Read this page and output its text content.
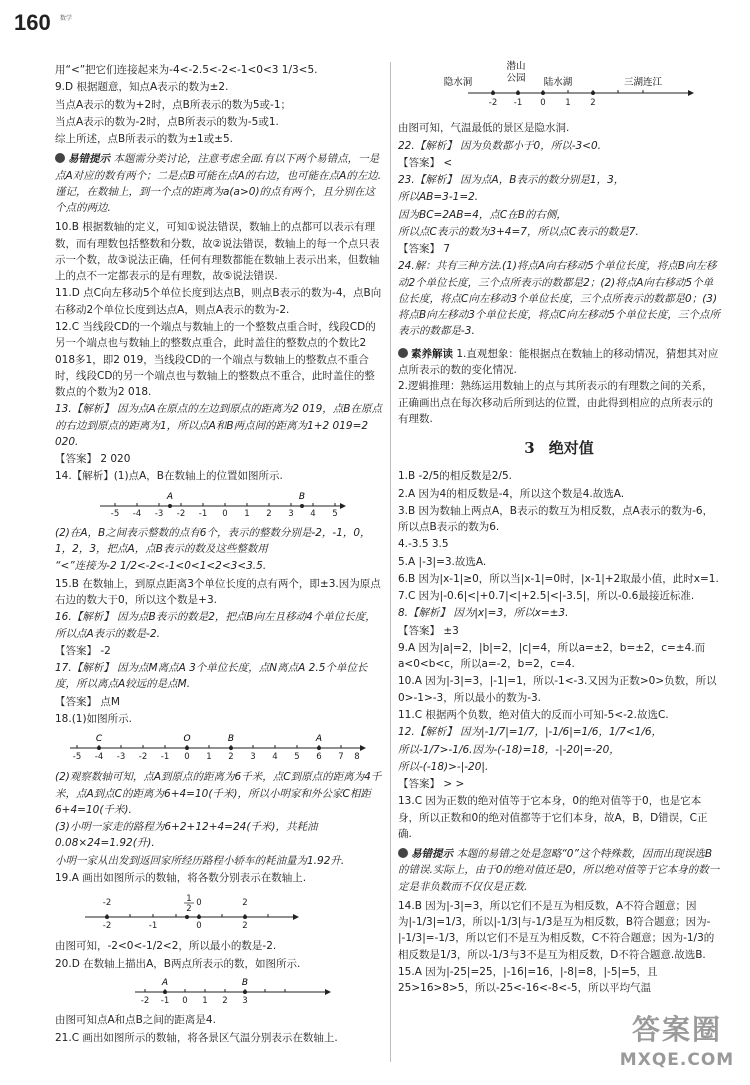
160 数学

用“<”把它们连接起来为-4<-2.5<-2<-1<0<3 1/3<5.

9.D 根据题意，知点A表示的数为±2.

当点A表示的数为+2时，点B所表示的数为5或-1；

当点A表示的数为-2时，点B所表示的数为-5或1.

综上所述，点B所表示的数为±1或±5.

易错提示 本题需分类讨论，注意考虑全面.有以下两个易错点，一是点A对应的数有两个；二是点B可能在点A的右边，也可能在点A的左边.谨记，在数轴上，到一个点的距离为a(a>0)的点有两个，且分别在这个点的两边.

10.B 根据数轴的定义，可知①说法错误，数轴上的点都可以表示有理数，而有理数包括整数和分数，故②说法错误，数轴上的每一个点只表示一个数，故③说法正确，任何有理数都能在数轴上表示出来，但数轴上的点不一定都表示的是有理数，故⑤说法错误.

11.D 点C向左移动5个单位长度到达点B，则点B表示的数为-4，点B向右移动2个单位长度到达点A，则点A表示的数为-2.

12.C 当线段CD的一个端点与数轴上的一个整数点重合时，线段CD的另一个端点也与数轴上的整数点重合，此时盖住的整数点的个数比2 018多1，即2 019，当线段CD的一个端点与数轴上的整数点不重合时，线段CD的另一个端点也与数轴上的整数点不重合，此时盖住的整数点的个数为2 018.

13.【解析】 因为点A在原点的左边到原点的距离为2 019，点B在原点的右边到原点的距离为1，所以点A和B两点间的距离为1+2 019=2 020.

【答案】 2 020

14.【解析】(1)点A，B在数轴上的位置如图所示.

-5 -4 -3 -2 -1 0 1 2 3 4 5
A	B

(2)在A，B之间表示整数的点有6个，表示的整数分别是-2，-1，0，1，2，3，把点A，点B表示的数及这些整数用

“<”连接为-2 1/2<-2<-1<0<1<2<3<3.5.

15.B 在数轴上，到原点距离3个单位长度的点有两个，即±3.因为原点右边的数大于0，所以这个数是+3.

16.【解析】 因为点B表示的数是2，把点B向左且移动4个单位长度，所以点A表示的数是-2.

【答案】 -2

17.【解析】 因为点M离点A 3个单位长度，点N离点A 2.5个单位长度，所以离点A较远的是点M.

【答案】 点M

18.(1)如图所示.

-5 -4 -3 -2 -1 0 1 2 3 4 5 6 7 8
C	O	B	A

(2)观察数轴可知，点A到原点的距离为6千米，点C到原点的距离为4千米，点A到点C的距离为6+4=10(千米)，所以小明家和外公家C相距6+4=10(千米).

(3)小明一家走的路程为6+2+12+4=24(千米)，共耗油0.08×24=1.92(升).

小明一家从出发到返回家所经历路程小轿车的耗油量为1.92升.

19.A 画出如图所示的数轴，将各数分别表示在数轴上.

-2	-1	0	2
-2	0	2
1
2

由图可知，-2<0<-1/2<2，所以最小的数是-2.

20.D 在数轴上描出A，B两点所表示的数，如图所示.

-2 -1 0 1 2 3
A	B

由图可知点A和点B之间的距离是4.

21.C 画出如图所示的数轴，将各景区气温分别表示在数轴上.

-2 -1 0 1 2
隐水洞
潜山
公园 陆水湖	三湖连江

由图可知，气温最低的景区是隐水洞.

22.【解析】 因为负数都小于0，所以-3<0.

【答案】 <

23.【解析】 因为点A，B表示的数分别是1，3，

所以AB=3-1=2.

因为BC=2AB=4，点C在B的右侧，

所以点C表示的数为3+4=7，所以点C表示的数是7.

【答案】 7

24.解：共有三种方法.(1)将点A向右移动5个单位长度，将点B向左移动2个单位长度，三个点所表示的数都是2；(2)将点A向右移动5个单位长度，将点C向左移动3个单位长度，三个点所表示的数都是0；(3)将点B向左移动3个单位长度，将点C向左移动5个单位长度，三个点所表示的数都是-3.

素养解读 1.直观想象：能根据点在数轴上的移动情况，猜想其对应点所表示的数的变化情况.

2.逻辑推理：熟练运用数轴上的点与其所表示的有理数之间的关系，正确画出点在每次移动后所到达的位置，由此得到相应的点所表示的有理数.

3 绝对值

1.B -2/5的相反数是2/5.

2.A 因为4的相反数是-4，所以这个数是4.故选A.

3.B 因为数轴上两点A，B表示的数互为相反数，点A表示的数为-6，所以点B表示的数为6.

4.-3.5 3.5

5.A |-3|=3.故选A.

6.B 因为|x-1|≥0，所以当|x-1|=0时，|x-1|+2取最小值，此时x=1.

7.C 因为|-0.6|<|+0.7|<|+2.5|<|-3.5|，所以-0.6最接近标准.

8.【解析】 因为|x|=3，所以x=±3.

【答案】 ±3

9.A 因为|a|=2，|b|=2，|c|=4，所以a=±2，b=±2，c=±4.而a<0<b<c，所以a=-2，b=2，c=4.

10.A 因为|-3|=3，|-1|=1，所以-1<-3.又因为正数>0>负数，所以0>-1>-3，所以最小的数为-3.

11.C 根据两个负数，绝对值大的反而小可知-5<-2.故选C.

12.【解析】 因为|-1/7|=1/7，|-1/6|=1/6，1/7<1/6，

所以-1/7>-1/6.因为-(-18)=18，-|-20|=-20，

所以-(-18)>-|-20|.

【答案】 > >

13.C 因为正数的绝对值等于它本身，0的绝对值等于0，也是它本身，所以正数和0的绝对值都等于它们本身，故A，B，D错误，C正确.

易错提示 本题的易错之处是忽略“0”这个特殊数，因而出现误选B的错误.实际上，由于0的绝对值还是0，所以绝对值等于它本身的数一定是非负数而不仅仅是正数.

14.B 因为|-3|=3，所以它们不是互为相反数，A不符合题意；因为|-1/3|=1/3，所以|-1/3|与-1/3是互为相反数，B符合题意；因为-|-1/3|=-1/3，所以它们不是互为相反数，C不符合题意；因为-1/3的相反数是1/3，所以-1/3与3不是互为相反数，D不符合题意.故选B.

15.A 因为|-25|=25，|-16|=16，|-8|=8，|-5|=5，且25>16>8>5，所以-25<-16<-8<-5，所以平均气温

答案圈
MXQE.COM
